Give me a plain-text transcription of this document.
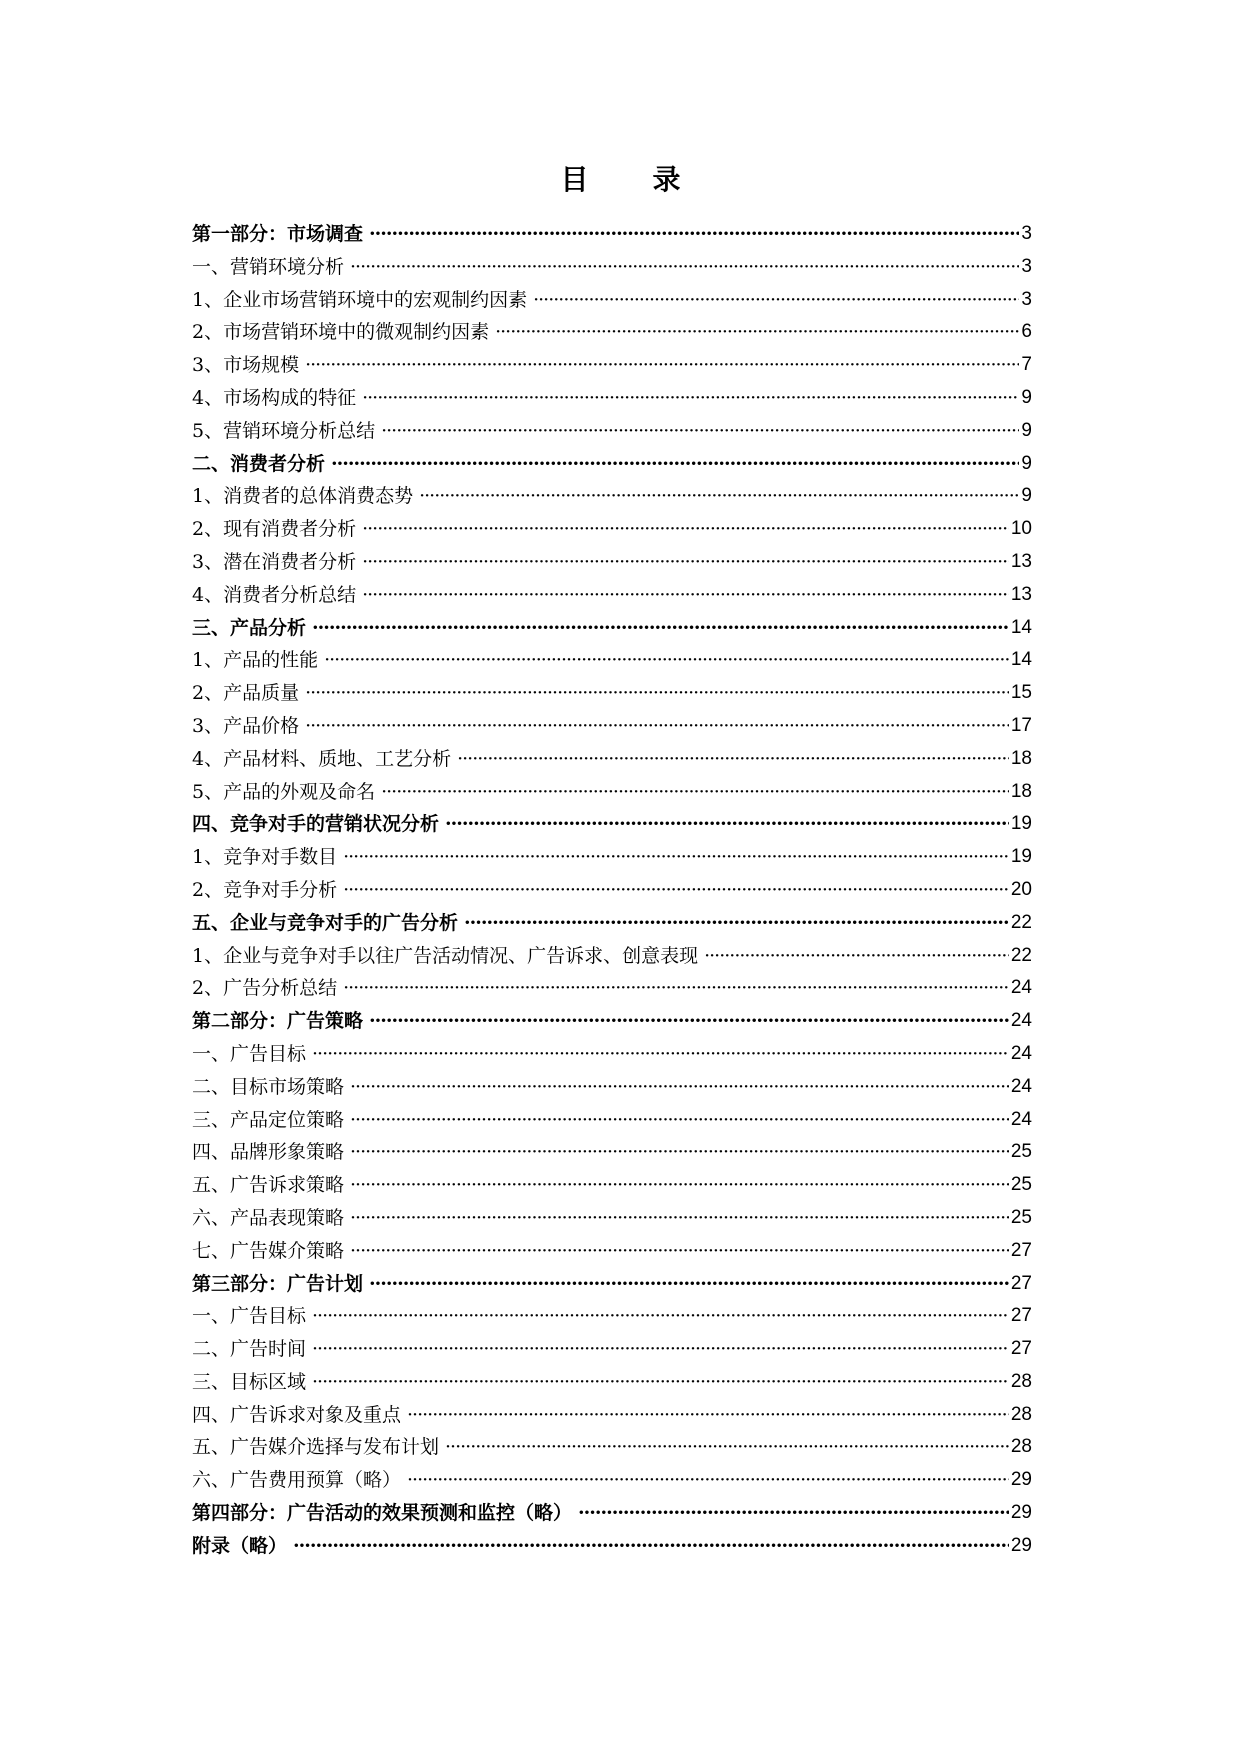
目 录
第一部分：市场调查 ·····	3
一、营销环境分析 ·····	3
1、企业市场营销环境中的宏观制约因素 ·····	3
2、市场营销环境中的微观制约因素 ·····	6
3、市场规模 ·····	7
4、市场构成的特征 ·····	9
5、营销环境分析总结 ·····	9
二、消费者分析 ·····	9
1、消费者的总体消费态势 ·····	9
2、现有消费者分析 ·····	10
3、潜在消费者分析 ·····	13
4、消费者分析总结 ·····	13
三、产品分析 ·····	14
1、产品的性能 ·····	14
2、产品质量 ·····	15
3、产品价格 ·····	17
4、产品材料、质地、工艺分析 ·····	18
5、产品的外观及命名 ·····	18
四、竞争对手的营销状况分析 ·····	19
1、竞争对手数目 ·····	19
2、竞争对手分析 ·····	20
五、企业与竞争对手的广告分析 ·····	22
1、企业与竞争对手以往广告活动情况、广告诉求、创意表现 ·····	22
2、广告分析总结 ·····	24
第二部分：广告策略 ·····	24
一、广告目标 ·····	24
二、目标市场策略 ·····	24
三、产品定位策略 ·····	24
四、品牌形象策略 ·····	25
五、广告诉求策略 ·····	25
六、产品表现策略 ·····	25
七、广告媒介策略 ·····	27
第三部分：广告计划 ·····	27
一、广告目标 ·····	27
二、广告时间 ·····	27
三、目标区域 ·····	28
四、广告诉求对象及重点 ·····	28
五、广告媒介选择与发布计划 ·····	28
六、广告费用预算（略） ·····	29
第四部分：广告活动的效果预测和监控（略） ·····	29
附录（略） ·····	29
